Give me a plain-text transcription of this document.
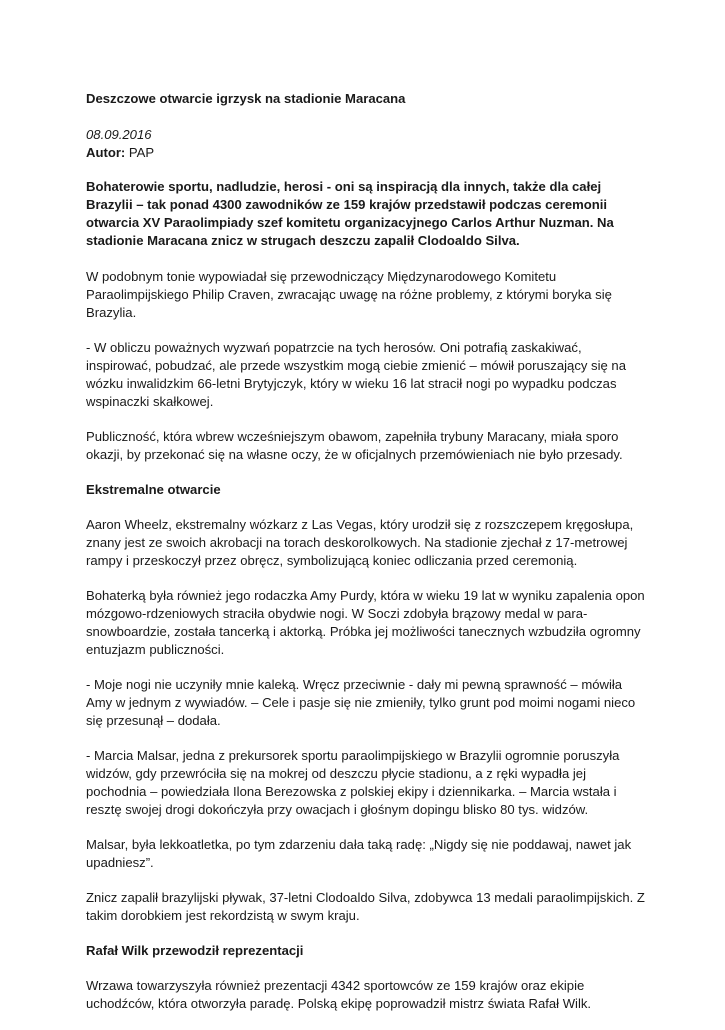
Deszczowe otwarcie igrzysk na stadionie Maracana

08.09.2016

Autor: PAP

Bohaterowie sportu, nadludzie, herosi - oni są inspiracją dla innych, także dla całej Brazylii – tak ponad 4300 zawodników ze 159 krajów przedstawił podczas ceremonii otwarcia XV Paraolimpiady szef komitetu organizacyjnego Carlos Arthur Nuzman. Na stadionie Maracana znicz w strugach deszczu zapalił Clodoaldo Silva.

W podobnym tonie wypowiadał się przewodniczący Międzynarodowego Komitetu Paraolimpijskiego Philip Craven, zwracając uwagę na różne problemy, z którymi boryka się Brazylia.

- W obliczu poważnych wyzwań popatrzcie na tych herosów. Oni potrafią zaskakiwać, inspirować, pobudzać, ale przede wszystkim mogą ciebie zmienić – mówił poruszający się na wózku inwalidzkim 66-letni Brytyjczyk, który w wieku 16 lat stracił nogi po wypadku podczas wspinaczki skałkowej.

Publiczność, która wbrew wcześniejszym obawom, zapełniła trybuny Maracany, miała sporo okazji, by przekonać się na własne oczy, że w oficjalnych przemówieniach nie było przesady.

Ekstremalne otwarcie

Aaron Wheelz, ekstremalny wózkarz z Las Vegas, który urodził się z rozszczepem kręgosłupa, znany jest ze swoich akrobacji na torach deskorolkowych. Na stadionie zjechał z 17-metrowej rampy i przeskoczył przez obręcz, symbolizującą koniec odliczania przed ceremonią.

Bohaterką była również jego rodaczka Amy Purdy, która w wieku 19 lat w wyniku zapalenia opon mózgowo-rdzeniowych straciła obydwie nogi. W Soczi zdobyła brązowy medal w para-snowboardzie, została tancerką i aktorką. Próbka jej możliwości tanecznych wzbudziła ogromny entuzjazm publiczności.

- Moje nogi nie uczyniły mnie kaleką. Wręcz przeciwnie - dały mi pewną sprawność – mówiła Amy w jednym z wywiadów. – Cele i pasje się nie zmieniły, tylko grunt pod moimi nogami nieco się przesunął – dodała.

- Marcia Malsar, jedna z prekursorek sportu paraolimpijskiego w Brazylii ogromnie poruszyła widzów, gdy przewróciła się na mokrej od deszczu płycie stadionu, a z ręki wypadła jej pochodnia – powiedziała Ilona Berezowska z polskiej ekipy i dziennikarka. – Marcia wstała i resztę swojej drogi dokończyła przy owacjach i głośnym dopingu blisko 80 tys. widzów.

Malsar, była lekkoatletka, po tym zdarzeniu dała taką radę: „Nigdy się nie poddawaj, nawet jak upadniesz”.

Znicz zapalił brazylijski pływak, 37-letni Clodoaldo Silva, zdobywca 13 medali paraolimpijskich. Z takim dorobkiem jest rekordzistą w swym kraju.

Rafał Wilk przewodził reprezentacji

Wrzawa towarzyszyła również prezentacji 4342 sportowców ze 159 krajów oraz ekipie uchodźców, która otworzyła paradę. Polską ekipę poprowadził mistrz świata Rafał Wilk.
